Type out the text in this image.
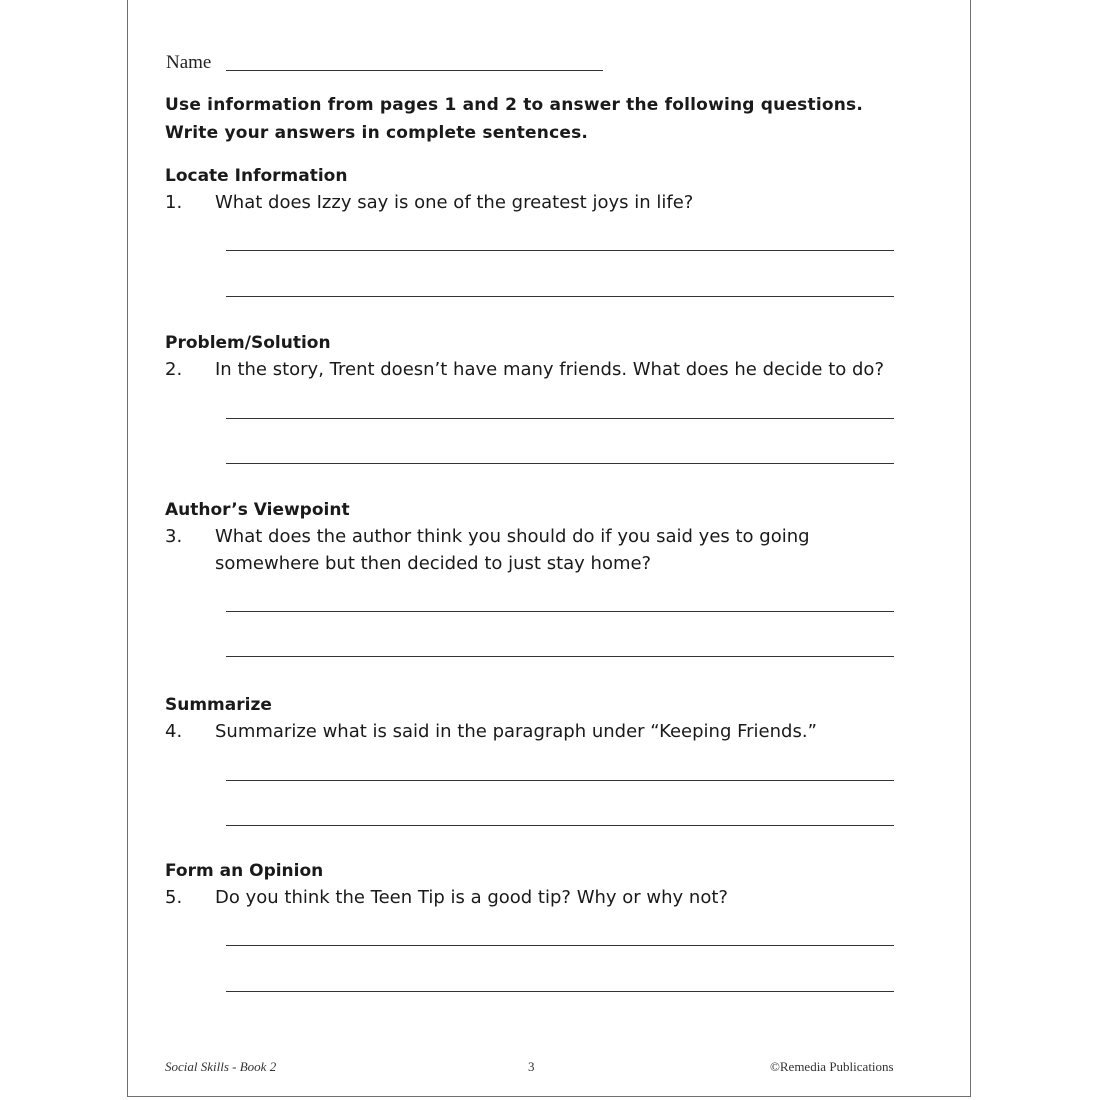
Name
Use information from pages 1 and 2 to answer the following questions.
Write your answers in complete sentences.
Locate Information
1. What does Izzy say is one of the greatest joys in life?
Problem/Solution
2. In the story, Trent doesn’t have many friends. What does he decide to do?
Author’s Viewpoint
3. What does the author think you should do if you said yes to going somewhere but then decided to just stay home?
Summarize
4. Summarize what is said in the paragraph under “Keeping Friends.”
Form an Opinion
5. Do you think the Teen Tip is a good tip? Why or why not?
Social Skills - Book 2	3	©Remedia Publications
